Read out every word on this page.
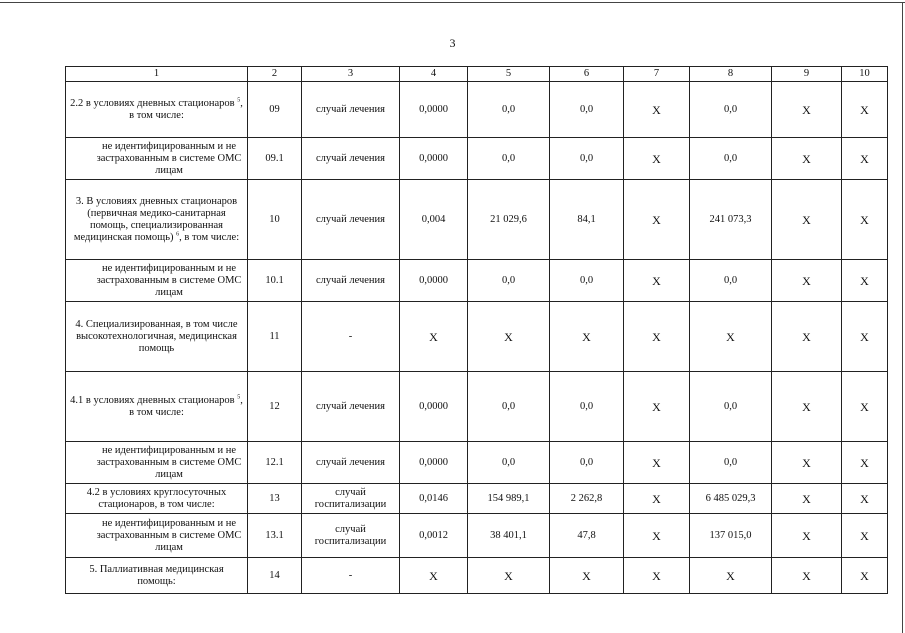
3
1	2	3	4	5	6	7	8	9	10
2.2 в условиях дневных стационаров $^5$, в том числе:	09	случай лечения	0,0000	0,0	0,0	X	0,0	X	X
не идентифицированным и не застрахованным в системе ОМС лицам	09.1	случай лечения	0,0000	0,0	0,0	X	0,0	X	X
3. В условиях дневных стационаров (первичная медико-санитарная помощь, специализированная медицинская помощь) $^6$, в том числе:	10	случай лечения	0,004	21 029,6	84,1	X	241 073,3	X	X
не идентифицированным и не застрахованным в системе ОМС лицам	10.1	случай лечения	0,0000	0,0	0,0	X	0,0	X	X
4. Специализированная, в том числе высокотехнологичная, медицинская помощь	11	-	X	X	X	X	X	X	X
4.1 в условиях дневных стационаров $^5$, в том числе:	12	случай лечения	0,0000	0,0	0,0	X	0,0	X	X
не идентифицированным и не застрахованным в системе ОМС лицам	12.1	случай лечения	0,0000	0,0	0,0	X	0,0	X	X
4.2 в условиях круглосуточных стационаров, в том числе:	13	случай госпитализации	0,0146	154 989,1	2 262,8	X	6 485 029,3	X	X
не идентифицированным и не застрахованным в системе ОМС лицам	13.1	случай госпитализации	0,0012	38 401,1	47,8	X	137 015,0	X	X
5. Паллиативная медицинская помощь:	14	-	X	X	X	X	X	X	X
